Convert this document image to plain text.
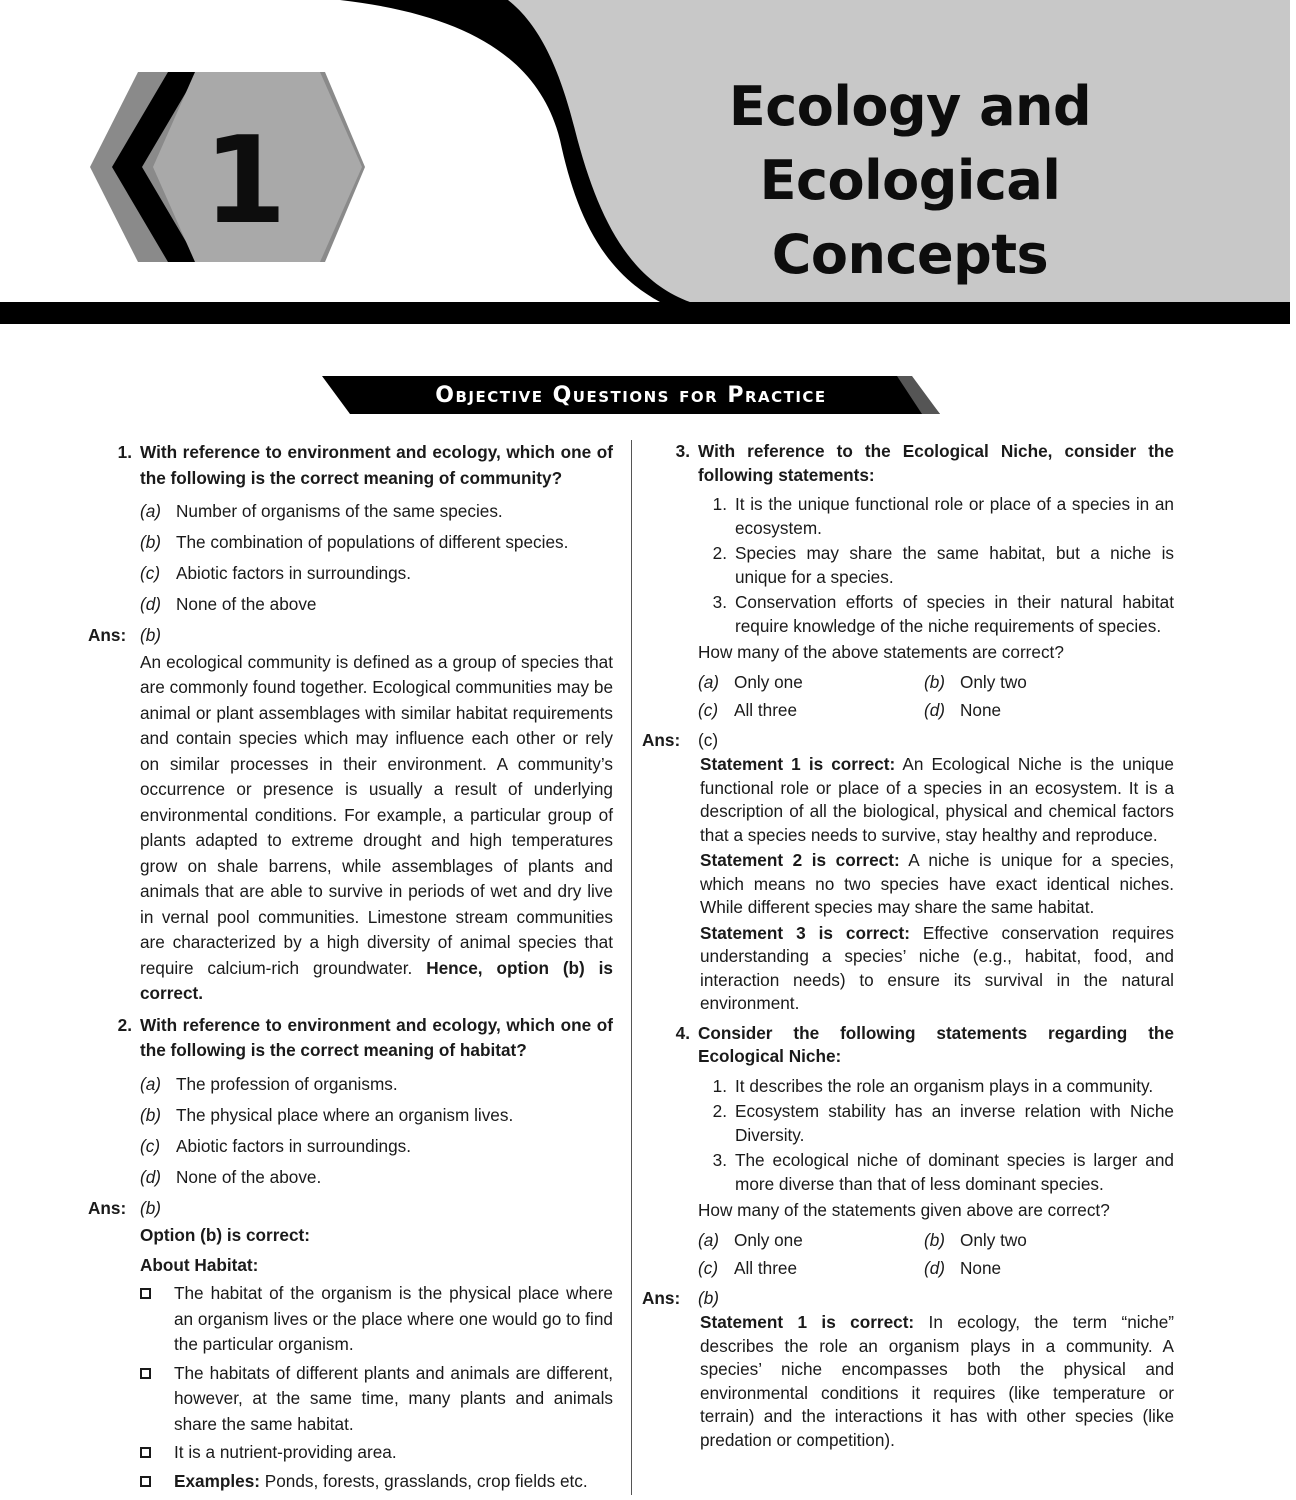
1
Ecology and
Ecological
Concepts
Objective Questions for Practice
1. With reference to environment and ecology, which one of the following is the correct meaning of community?
(a) Number of organisms of the same species.
(b) The combination of populations of different species.
(c) Abiotic factors in surroundings.
(d) None of the above
Ans: (b)
An ecological community is defined as a group of species that are commonly found together. Ecological communities may be animal or plant assemblages with similar habitat requirements and contain species which may influence each other or rely on similar processes in their environment. A community’s occurrence or presence is usually a result of underlying environmental conditions. For example, a particular group of plants adapted to extreme drought and high temperatures grow on shale barrens, while assemblages of plants and animals that are able to survive in periods of wet and dry live in vernal pool communities. Limestone stream communities are characterized by a high diversity of animal species that require calcium-rich groundwater. Hence, option (b) is correct.
2. With reference to environment and ecology, which one of the following is the correct meaning of habitat?
(a) The profession of organisms.
(b) The physical place where an organism lives.
(c) Abiotic factors in surroundings.
(d) None of the above.
Ans: (b)
Option (b) is correct:
About Habitat:
The habitat of the organism is the physical place where an organism lives or the place where one would go to find the particular organism.
The habitats of different plants and animals are different, however, at the same time, many plants and animals share the same habitat.
It is a nutrient-providing area.
Examples: Ponds, forests, grasslands, crop fields etc.
3. With reference to the Ecological Niche, consider the following statements:
1. It is the unique functional role or place of a species in an ecosystem.
2. Species may share the same habitat, but a niche is unique for a species.
3. Conservation efforts of species in their natural habitat require knowledge of the niche requirements of species.
How many of the above statements are correct?
(a) Only one	(b) Only two
(c) All three	(d) None
Ans:	(c)
Statement 1 is correct: An Ecological Niche is the unique functional role or place of a species in an ecosystem. It is a description of all the biological, physical and chemical factors that a species needs to survive, stay healthy and reproduce.
Statement 2 is correct: A niche is unique for a species, which means no two species have exact identical niches. While different species may share the same habitat.
Statement 3 is correct: Effective conservation requires understanding a species’ niche (e.g., habitat, food, and interaction needs) to ensure its survival in the natural environment.
4. Consider the following statements regarding the Ecological Niche:
1. It describes the role an organism plays in a community.
2. Ecosystem stability has an inverse relation with Niche Diversity.
3. The ecological niche of dominant species is larger and more diverse than that of less dominant species.
How many of the statements given above are correct?
(a) Only one	(b) Only two
(c) All three	(d) None
Ans:	(b)
Statement 1 is correct: In ecology, the term “niche” describes the role an organism plays in a community. A species’ niche encompasses both the physical and environmental conditions it requires (like temperature or terrain) and the interactions it has with other species (like predation or competition).
